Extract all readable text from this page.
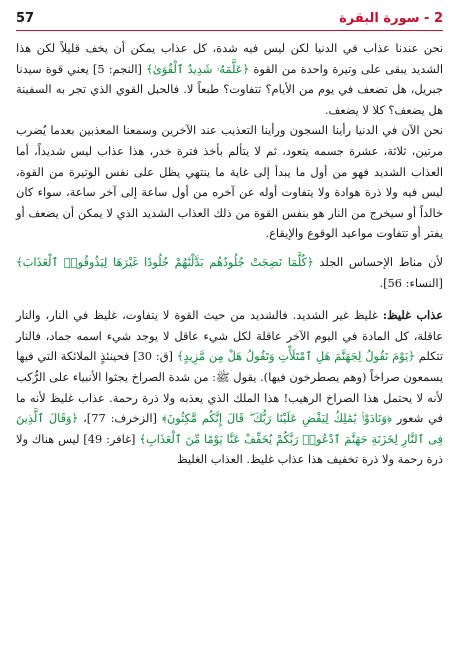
2 - سورة البقرة
57

نحن عندنا عذاب في الدنيا لكن ليس فيه شدة، كل عذاب يمكن أن يخف قليلاً لكن هذا الشديد يبقى على وتيرة واحدة من القوة ﴿عَلَّمَهُۥ شَدِيدُ ٱلْقُوَىٰ﴾ [النجم: 5] يعني قوة سيدنا جبريل، هل تضعف في يوم من الأيام؟ تتفاوت؟ طبعاً لا. فالحبل القوي الذي تجر به السفينة هل يضعف؟ كلا لا يضعف.

نحن الآن في الدنيا رأينا السجون ورأينا التعذيب عند الآخرين وسمعنا المعذبين بعدما يُضرب مرتين، ثلاثة، عشرة جسمه يتعود، ثم لا يتألم بأخذ فترة خدر، هذا عذاب ليس شديداً، أما العذاب الشديد فهو من أول ما يبدأ إلى غاية ما ينتهي يظل على نفس الوتيرة من القوة، ليس فيه ولا ذرة هوادة ولا يتفاوت أوله عن آخره من أول ساعة إلى آخر ساعة، سواء كان خالداً أو سيخرج من النار هو بنفس القوة من ذلك العذاب الشديد الذي لا يمكن أن يضعف أو يفتر أو تتفاوت مواعيد الوقوع والإيقاع.

لأن مناط الإحساس الجلد ﴿كُلَّمَا نَضِجَتْ جُلُودُهُم بَدَّلْنَٰهُمْ جُلُودًا غَيْرَهَا لِيَذُوقُوا۟ ٱلْعَذَابَ﴾ [النساء: 56].

عذاب غليظ: غليظ غير الشديد. فالشديد من حيث القوة لا يتفاوت، غليظ في النار، والنار عاقلة، كل المادة في اليوم الآخر عاقلة لكل شيء عاقل لا يوجد شيء اسمه جماد، فالنار تتكلم ﴿يَوْمَ نَقُولُ لِجَهَنَّمَ هَلِ ٱمْتَلَأْتِ وَتَقُولُ هَلْ مِن مَّزِيدٍ﴾ [ق: 30] فحينئذٍ الملائكة التي فيها يسمعون صراخاً (وهم يصطرخون فيها). يقول ﷺ: من شدة الصراخ يجثوا الأنبياء على الرُّكب لأنه لا يحتمل هذا الصراخ الرهيب! هذا الملك الذي يعذبه ولا ذرة رحمة. عذاب غليظ لأنه ما في شعور ﴿وَنَادَوْا۟ يَٰمَٰلِكُ لِيَقْضِ عَلَيْنَا رَبُّكَ ۖ قَالَ إِنَّكُم مَّٰكِثُونَ﴾ [الزخرف: 77]، ﴿وَقَالَ ٱلَّذِينَ فِى ٱلنَّارِ لِخَزَنَةِ جَهَنَّمَ ٱدْعُوا۟ رَبَّكُمْ يُخَفِّفْ عَنَّا يَوْمًا مِّنَ ٱلْعَذَابِ﴾ [غافر: 49] ليس هناك ولا ذرة رحمة ولا ذرة تخفيف هذا عذاب غليظ. العذاب الغليظ
